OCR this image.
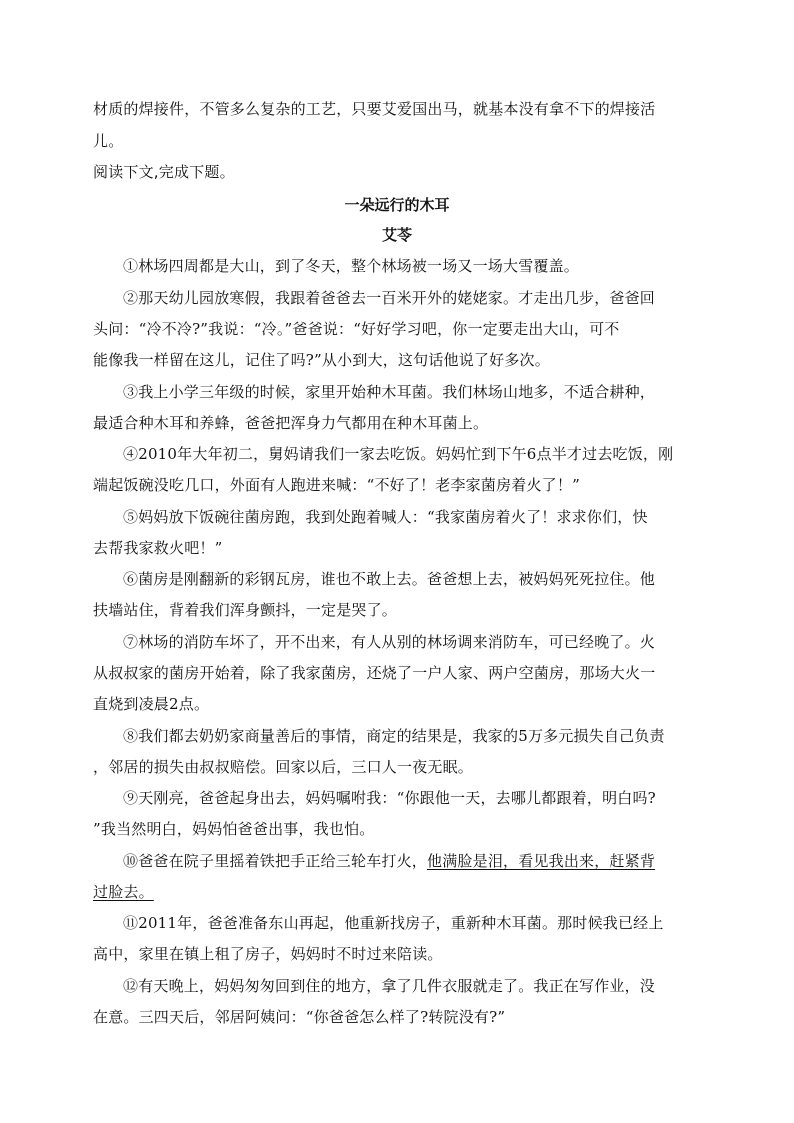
材质的焊接件，不管多么复杂的工艺，只要艾爱国出马，就基本没有拿不下的焊接活
儿。
阅读下文,完成下题。
一朵远行的木耳
艾苓
①林场四周都是大山，到了冬天，整个林场被一场又一场大雪覆盖。
②那天幼儿园放寒假，我跟着爸爸去一百米开外的姥姥家。才走出几步，爸爸回
头问：“冷不冷?”我说：“冷。”爸爸说：“好好学习吧，你一定要走出大山，可不
能像我一样留在这儿，记住了吗?”从小到大，这句话他说了好多次。
③我上小学三年级的时候，家里开始种木耳菌。我们林场山地多，不适合耕种，
最适合种木耳和养蜂，爸爸把浑身力气都用在种木耳菌上。
④2010年大年初二，舅妈请我们一家去吃饭。妈妈忙到下午6点半才过去吃饭，刚
端起饭碗没吃几口，外面有人跑进来喊：“不好了！老李家菌房着火了！”
⑤妈妈放下饭碗往菌房跑，我到处跑着喊人：“我家菌房着火了！求求你们，快
去帮我家救火吧！”
⑥菌房是刚翻新的彩钢瓦房，谁也不敢上去。爸爸想上去，被妈妈死死拉住。他
扶墙站住，背着我们浑身颤抖，一定是哭了。
⑦林场的消防车坏了，开不出来，有人从别的林场调来消防车，可已经晚了。火
从叔叔家的菌房开始着，除了我家菌房，还烧了一户人家、两户空菌房，那场大火一
直烧到凌晨2点。
⑧我们都去奶奶家商量善后的事情，商定的结果是，我家的5万多元损失自己负责
，邻居的损失由叔叔赔偿。回家以后，三口人一夜无眠。
⑨天刚亮，爸爸起身出去，妈妈嘱咐我：“你跟他一天，去哪儿都跟着，明白吗?
”我当然明白，妈妈怕爸爸出事，我也怕。
⑩爸爸在院子里摇着铁把手正给三轮车打火，他满脸是泪，看见我出来，赶紧背
过脸去。
⑪2011年，爸爸准备东山再起，他重新找房子，重新种木耳菌。那时候我已经上
高中，家里在镇上租了房子，妈妈时不时过来陪读。
⑫有天晚上，妈妈匆匆回到住的地方，拿了几件衣服就走了。我正在写作业，没
在意。三四天后，邻居阿姨问：“你爸爸怎么样了?转院没有?”
